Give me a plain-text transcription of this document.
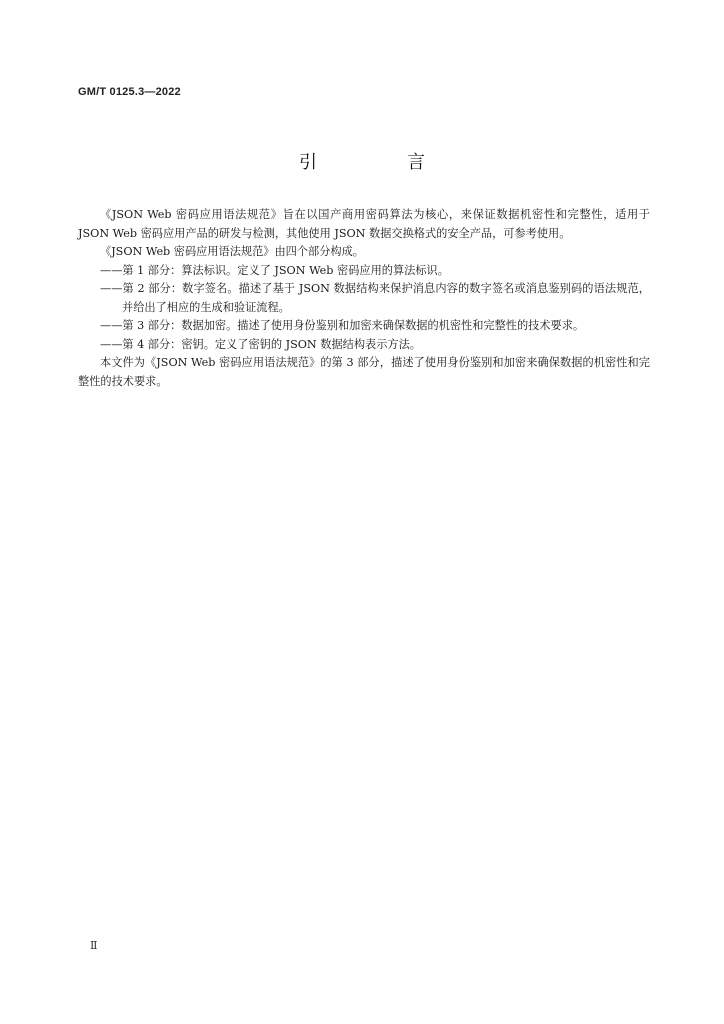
GM/T 0125.3—2022
引　言

《JSON Web 密码应用语法规范》旨在以国产商用密码算法为核心，来保证数据机密性和完整性，适用于 JSON Web 密码应用产品的研发与检测，其他使用 JSON 数据交换格式的安全产品，可参考使用。

《JSON Web 密码应用语法规范》由四个部分构成。

——第 1 部分：算法标识。定义了 JSON Web 密码应用的算法标识。

——第 2 部分：数字签名。描述了基于 JSON 数据结构来保护消息内容的数字签名或消息鉴别码的语法规范，并给出了相应的生成和验证流程。

——第 3 部分：数据加密。描述了使用身份鉴别和加密来确保数据的机密性和完整性的技术要求。

——第 4 部分：密钥。定义了密钥的 JSON 数据结构表示方法。

本文件为《JSON Web 密码应用语法规范》的第 3 部分，描述了使用身份鉴别和加密来确保数据的机密性和完整性的技术要求。

Ⅱ
